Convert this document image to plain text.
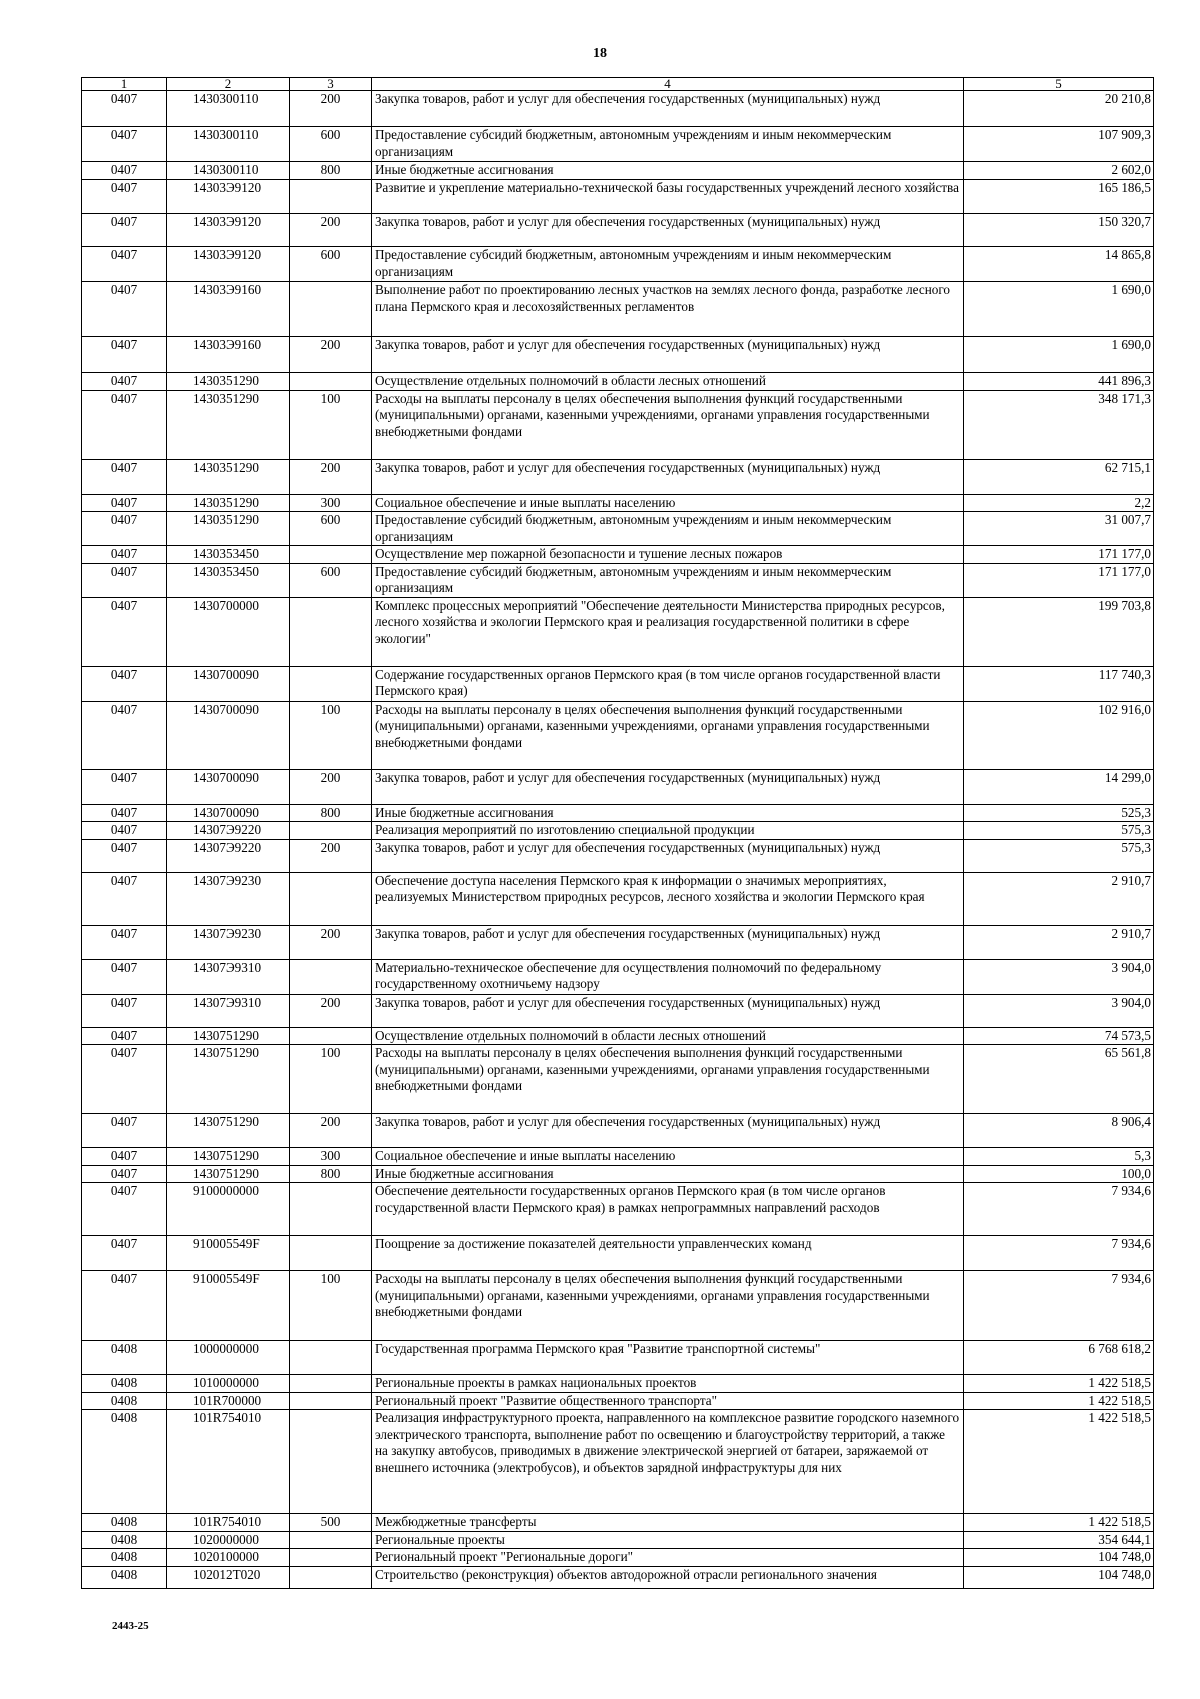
18
1	2	3	4	5
0407	1430300110	200	Закупка товаров, работ и услуг для обеспечения государственных (муниципальных) нужд	20 210,8
0407	1430300110	600	Предоставление субсидий бюджетным, автономным учреждениям и иным некоммерческим организациям	107 909,3
0407	1430300110	800	Иные бюджетные ассигнования	2 602,0
0407	14303Э9120		Развитие и укрепление материально-технической базы государственных учреждений лесного хозяйства	165 186,5
0407	14303Э9120	200	Закупка товаров, работ и услуг для обеспечения государственных (муниципальных) нужд	150 320,7
0407	14303Э9120	600	Предоставление субсидий бюджетным, автономным учреждениям и иным некоммерческим организациям	14 865,8
0407	14303Э9160		Выполнение работ по проектированию лесных участков на землях лесного фонда, разработке лесного плана Пермского края и лесохозяйственных регламентов	1 690,0
0407	14303Э9160	200	Закупка товаров, работ и услуг для обеспечения государственных (муниципальных) нужд	1 690,0
0407	1430351290		Осуществление отдельных полномочий в области лесных отношений	441 896,3
0407	1430351290	100	Расходы на выплаты персоналу в целях обеспечения выполнения функций государственными (муниципальными) органами, казенными учреждениями, органами управления государственными внебюджетными фондами	348 171,3
0407	1430351290	200	Закупка товаров, работ и услуг для обеспечения государственных (муниципальных) нужд	62 715,1
0407	1430351290	300	Социальное обеспечение и иные выплаты населению	2,2
0407	1430351290	600	Предоставление субсидий бюджетным, автономным учреждениям и иным некоммерческим организациям	31 007,7
0407	1430353450		Осуществление мер пожарной безопасности и тушение лесных пожаров	171 177,0
0407	1430353450	600	Предоставление субсидий бюджетным, автономным учреждениям и иным некоммерческим организациям	171 177,0
0407	1430700000		Комплекс процессных мероприятий "Обеспечение деятельности Министерства природных ресурсов, лесного хозяйства и экологии Пермского края и реализация государственной политики в сфере экологии"	199 703,8
0407	1430700090		Содержание государственных органов Пермского края (в том числе органов государственной власти Пермского края)	117 740,3
0407	1430700090	100	Расходы на выплаты персоналу в целях обеспечения выполнения функций государственными (муниципальными) органами, казенными учреждениями, органами управления государственными внебюджетными фондами	102 916,0
0407	1430700090	200	Закупка товаров, работ и услуг для обеспечения государственных (муниципальных) нужд	14 299,0
0407	1430700090	800	Иные бюджетные ассигнования	525,3
0407	14307Э9220		Реализация мероприятий по изготовлению специальной продукции	575,3
0407	14307Э9220	200	Закупка товаров, работ и услуг для обеспечения государственных (муниципальных) нужд	575,3
0407	14307Э9230		Обеспечение доступа населения Пермского края к информации о значимых мероприятиях, реализуемых Министерством природных ресурсов, лесного хозяйства и экологии Пермского края	2 910,7
0407	14307Э9230	200	Закупка товаров, работ и услуг для обеспечения государственных (муниципальных) нужд	2 910,7
0407	14307Э9310		Материально-техническое обеспечение для осуществления полномочий по федеральному государственному охотничьему надзору	3 904,0
0407	14307Э9310	200	Закупка товаров, работ и услуг для обеспечения государственных (муниципальных) нужд	3 904,0
0407	1430751290		Осуществление отдельных полномочий в области лесных отношений	74 573,5
0407	1430751290	100	Расходы на выплаты персоналу в целях обеспечения выполнения функций государственными (муниципальными) органами, казенными учреждениями, органами управления государственными внебюджетными фондами	65 561,8
0407	1430751290	200	Закупка товаров, работ и услуг для обеспечения государственных (муниципальных) нужд	8 906,4
0407	1430751290	300	Социальное обеспечение и иные выплаты населению	5,3
0407	1430751290	800	Иные бюджетные ассигнования	100,0
0407	9100000000		Обеспечение деятельности государственных органов Пермского края (в том числе органов государственной власти Пермского края) в рамках непрограммных направлений расходов	7 934,6
0407	910005549F		Поощрение за достижение показателей деятельности управленческих команд	7 934,6
0407	910005549F	100	Расходы на выплаты персоналу в целях обеспечения выполнения функций государственными (муниципальными) органами, казенными учреждениями, органами управления государственными внебюджетными фондами	7 934,6
0408	1000000000		Государственная программа Пермского края "Развитие транспортной системы"	6 768 618,2
0408	1010000000		Региональные проекты в рамках национальных проектов	1 422 518,5
0408	101R700000		Региональный проект "Развитие общественного транспорта"	1 422 518,5
0408	101R754010		Реализация инфраструктурного проекта, направленного на комплексное развитие городского наземного электрического транспорта, выполнение работ по освещению и благоустройству территорий, а также на закупку автобусов, приводимых в движение электрической энергией от батареи, заряжаемой от внешнего источника (электробусов), и объектов зарядной инфраструктуры для них	1 422 518,5
0408	101R754010	500	Межбюджетные трансферты	1 422 518,5
0408	1020000000		Региональные проекты	354 644,1
0408	1020100000		Региональный проект "Региональные дороги"	104 748,0
0408	102012T020		Строительство (реконструкция) объектов автодорожной отрасли регионального значения	104 748,0
2443-25
